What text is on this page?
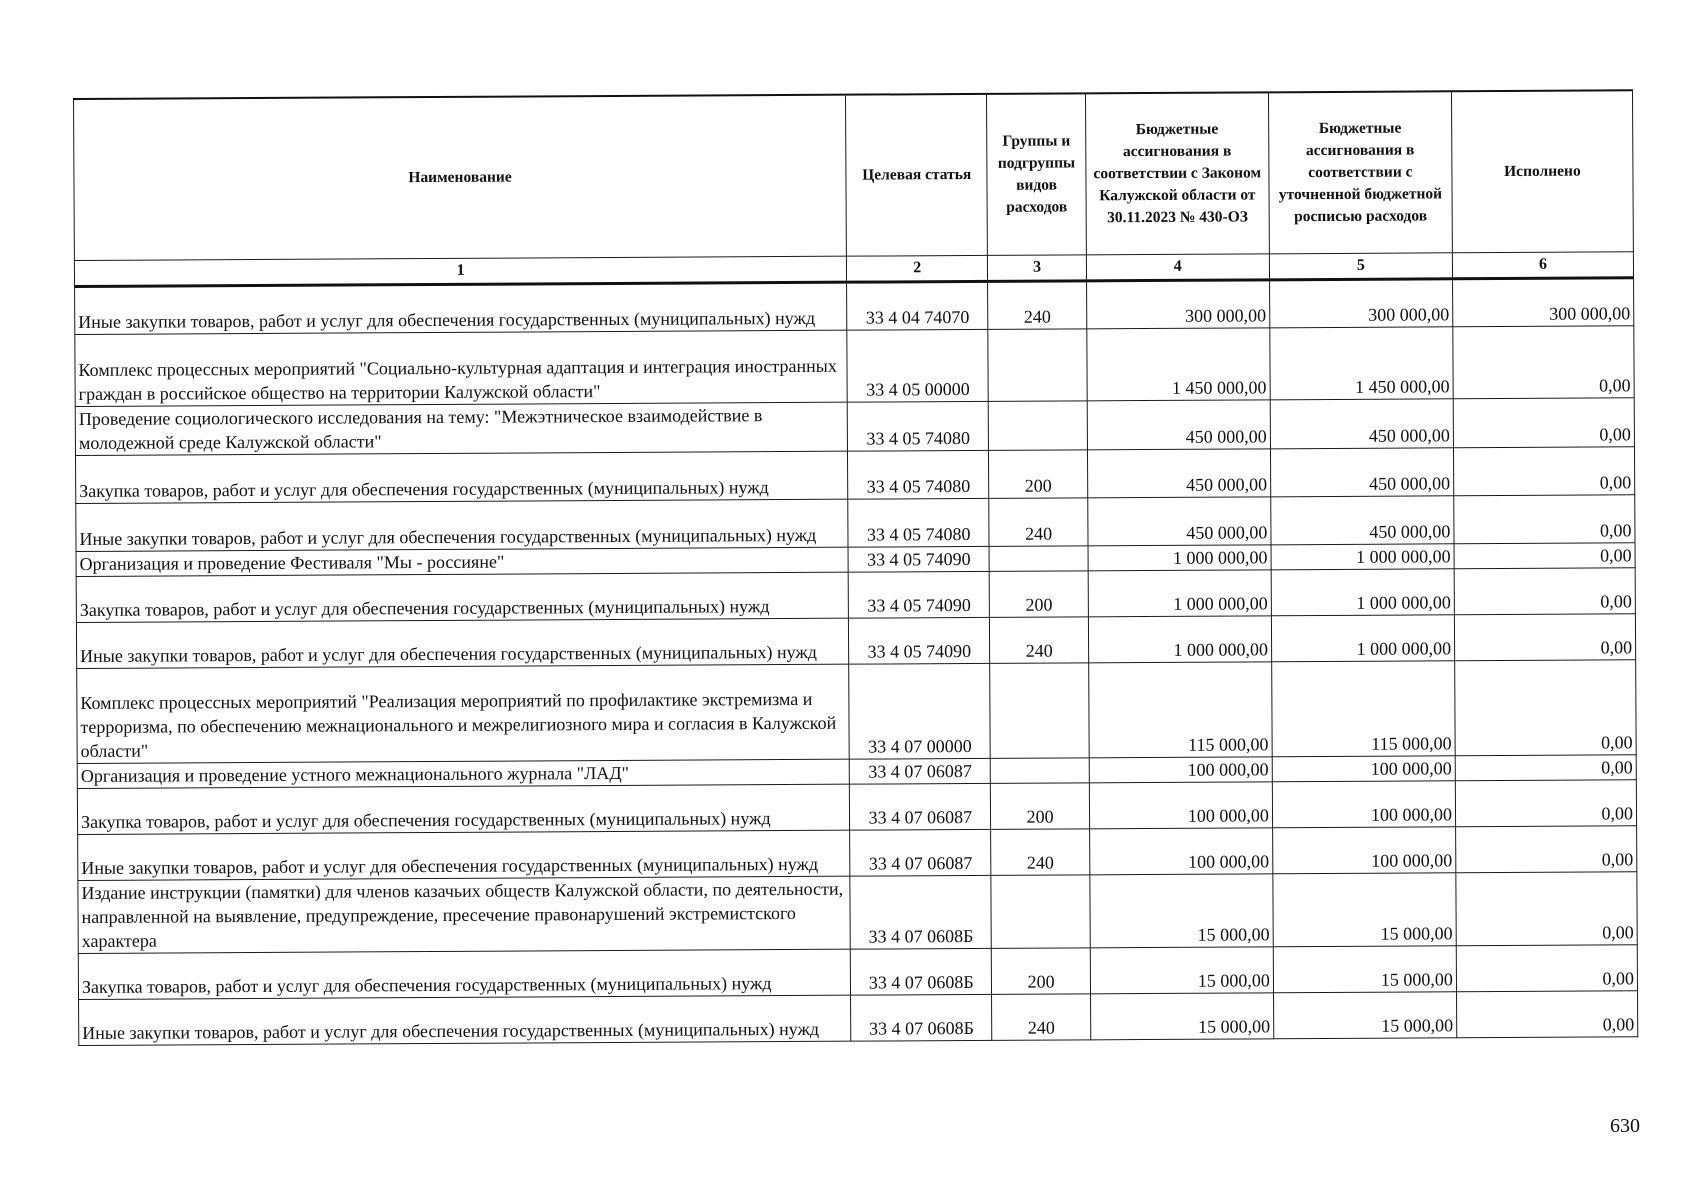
Наименование	Целевая статья	Группы и подгруппы видов расходов	Бюджетные ассигнования в соответствии с Законом Калужской области от 30.11.2023 № 430-ОЗ	Бюджетные ассигнования в соответствии с уточненной бюджетной росписью расходов	Исполнено
1	2	3	4	5	6
Иные закупки товаров, работ и услуг для обеспечения государственных (муниципальных) нужд	33 4 04 74070	240	300 000,00	300 000,00	300 000,00
Комплекс процессных мероприятий "Социально-культурная адаптация и интеграция иностранных граждан в российское общество на территории Калужской области"	33 4 05 00000		1 450 000,00	1 450 000,00	0,00
Проведение социологического исследования на тему: "Межэтническое взаимодействие в молодежной среде Калужской области"	33 4 05 74080		450 000,00	450 000,00	0,00
Закупка товаров, работ и услуг для обеспечения государственных (муниципальных) нужд	33 4 05 74080	200	450 000,00	450 000,00	0,00
Иные закупки товаров, работ и услуг для обеспечения государственных (муниципальных) нужд	33 4 05 74080	240	450 000,00	450 000,00	0,00
Организация и проведение Фестиваля "Мы - россияне"	33 4 05 74090		1 000 000,00	1 000 000,00	0,00
Закупка товаров, работ и услуг для обеспечения государственных (муниципальных) нужд	33 4 05 74090	200	1 000 000,00	1 000 000,00	0,00
Иные закупки товаров, работ и услуг для обеспечения государственных (муниципальных) нужд	33 4 05 74090	240	1 000 000,00	1 000 000,00	0,00
Комплекс процессных мероприятий "Реализация мероприятий по профилактике экстремизма и терроризма, по обеспечению межнационального и межрелигиозного мира и согласия в Калужской области"	33 4 07 00000		115 000,00	115 000,00	0,00
Организация и проведение устного межнационального журнала "ЛАД"	33 4 07 06087		100 000,00	100 000,00	0,00
Закупка товаров, работ и услуг для обеспечения государственных (муниципальных) нужд	33 4 07 06087	200	100 000,00	100 000,00	0,00
Иные закупки товаров, работ и услуг для обеспечения государственных (муниципальных) нужд	33 4 07 06087	240	100 000,00	100 000,00	0,00
Издание инструкции (памятки) для членов казачьих обществ Калужской области, по деятельности, направленной на выявление, предупреждение, пресечение правонарушений экстремистского характера	33 4 07 0608Б		15 000,00	15 000,00	0,00
Закупка товаров, работ и услуг для обеспечения государственных (муниципальных) нужд	33 4 07 0608Б	200	15 000,00	15 000,00	0,00
Иные закупки товаров, работ и услуг для обеспечения государственных (муниципальных) нужд	33 4 07 0608Б	240	15 000,00	15 000,00	0,00
630
